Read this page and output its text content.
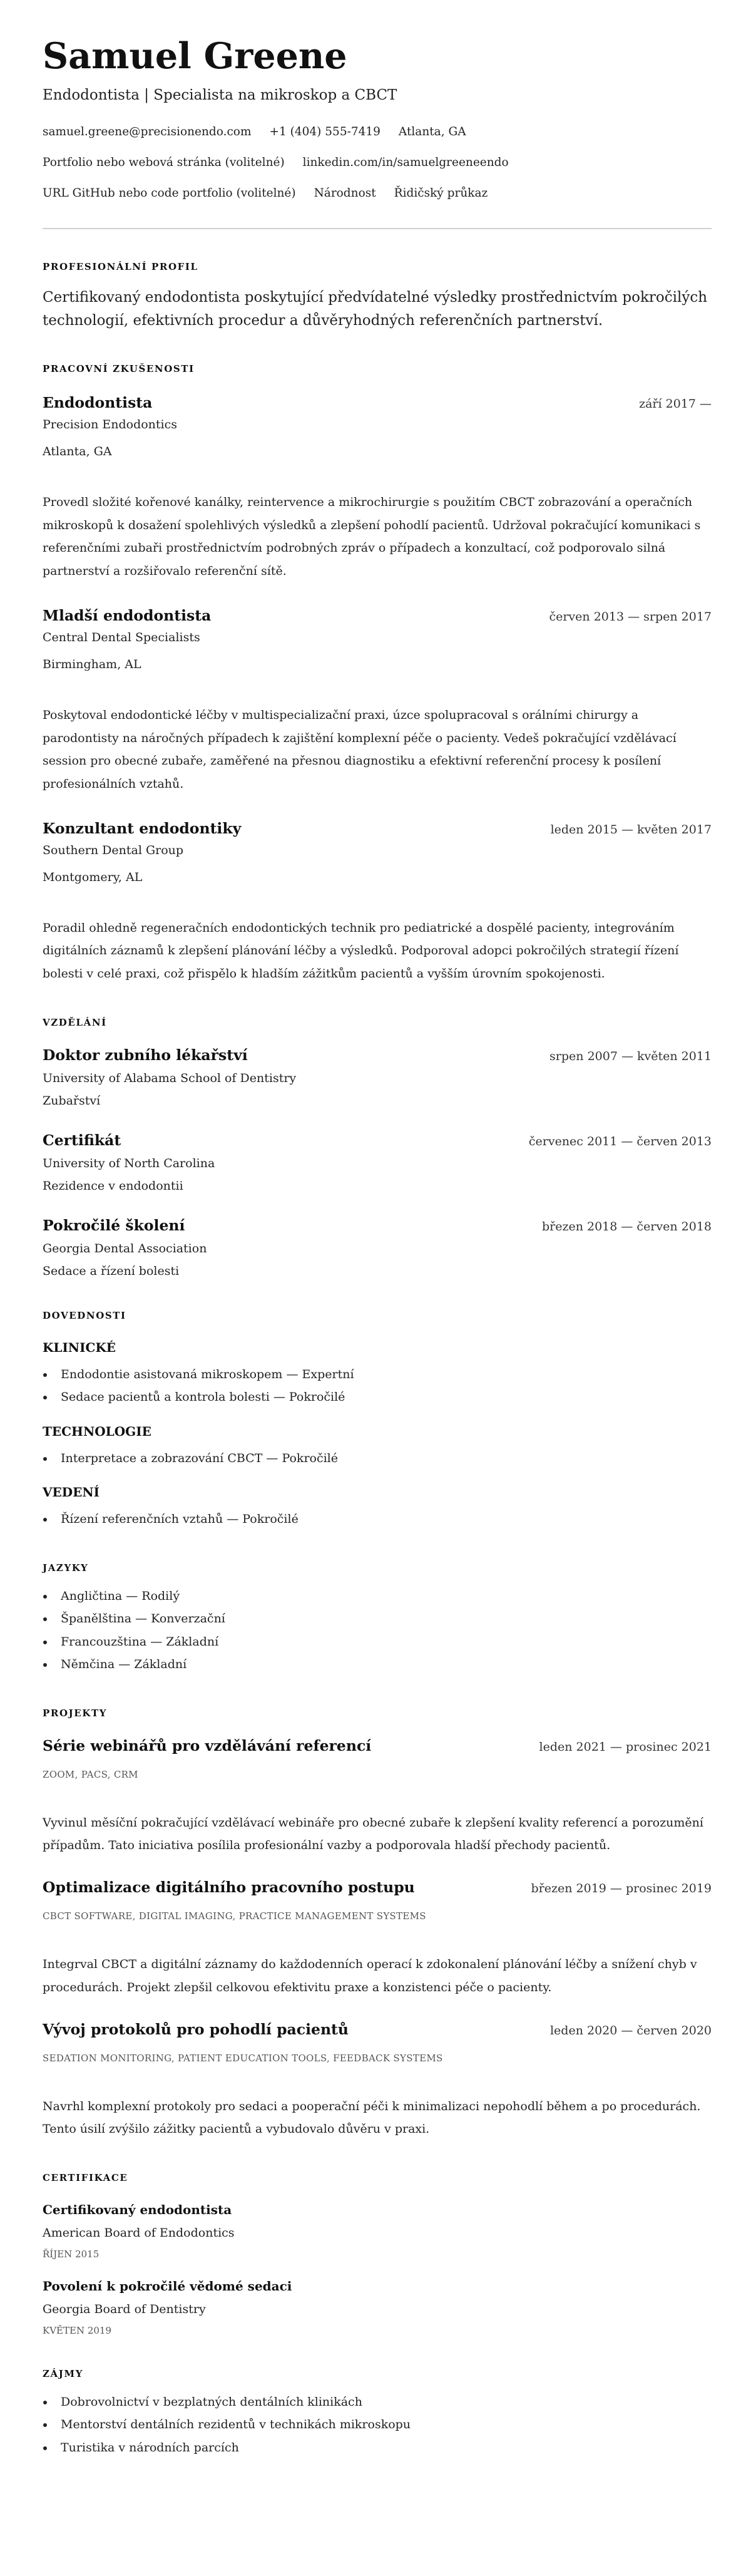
Samuel Greene
Endodontista | Specialista na mikroskop a CBCT
samuel.greene@precisionendo.com +1 (404) 555-7419 Atlanta, GA
Portfolio nebo webová stránka (volitelné) linkedin.com/in/samuelgreeneendo
URL GitHub nebo code portfolio (volitelné) Národnost Řidičský průkaz
PROFESIONÁLNÍ PROFIL
Certifikovaný endodontista poskytující předvídatelné výsledky prostřednictvím pokročilých technologií, efektivních procedur a důvěryhodných referenčních partnerství.
PRACOVNÍ ZKUŠENOSTI
Endodontista	září 2017 —
Precision Endodontics
Atlanta, GA
Provedl složité kořenové kanálky, reintervence a mikrochirurgie s použitím CBCT zobrazování a operačních mikroskopů k dosažení spolehlivých výsledků a zlepšení pohodlí pacientů. Udržoval pokračující komunikaci s referenčními zubaři prostřednictvím podrobných zpráv o případech a konzultací, což podporovalo silná partnerství a rozšiřovalo referenční sítě.
Mladší endodontista	červen 2013 — srpen 2017
Central Dental Specialists
Birmingham, AL
Poskytoval endodontické léčby v multispecializační praxi, úzce spolupracoval s orálními chirurgy a parodontisty na náročných případech k zajištění komplexní péče o pacienty. Vedeš pokračující vzdělávací session pro obecné zubaře, zaměřené na přesnou diagnostiku a efektivní referenční procesy k posílení profesionálních vztahů.
Konzultant endodontiky	leden 2015 — květen 2017
Southern Dental Group
Montgomery, AL
Poradil ohledně regeneračních endodontických technik pro pediatrické a dospělé pacienty, integrováním digitálních záznamů k zlepšení plánování léčby a výsledků. Podporoval adopci pokročilých strategií řízení bolesti v celé praxi, což přispělo k hladším zážitkům pacientů a vyšším úrovním spokojenosti.
VZDĚLÁNÍ
Doktor zubního lékařství	srpen 2007 — květen 2011
University of Alabama School of Dentistry
Zubařství
Certifikát	červenec 2011 — červen 2013
University of North Carolina
Rezidence v endodontii
Pokročilé školení	březen 2018 — červen 2018
Georgia Dental Association
Sedace a řízení bolesti
DOVEDNOSTI
KLINICKÉ
Endodontie asistovaná mikroskopem — Expertní
Sedace pacientů a kontrola bolesti — Pokročilé
TECHNOLOGIE
Interpretace a zobrazování CBCT — Pokročilé
VEDENÍ
Řízení referenčních vztahů — Pokročilé
JAZYKY
Angličtina — Rodilý
Španělština — Konverzační
Francouzština — Základní
Němčina — Základní
PROJEKTY
Série webinářů pro vzdělávání referencí	leden 2021 — prosinec 2021
ZOOM, PACS, CRM
Vyvinul měsíční pokračující vzdělávací webináře pro obecné zubaře k zlepšení kvality referencí a porozumění případům. Tato iniciativa posílila profesionální vazby a podporovala hladší přechody pacientů.
Optimalizace digitálního pracovního postupu	březen 2019 — prosinec 2019
CBCT SOFTWARE, DIGITAL IMAGING, PRACTICE MANAGEMENT SYSTEMS
Integrval CBCT a digitální záznamy do každodenních operací k zdokonalení plánování léčby a snížení chyb v procedurách. Projekt zlepšil celkovou efektivitu praxe a konzistenci péče o pacienty.
Vývoj protokolů pro pohodlí pacientů	leden 2020 — červen 2020
SEDATION MONITORING, PATIENT EDUCATION TOOLS, FEEDBACK SYSTEMS
Navrhl komplexní protokoly pro sedaci a pooperační péči k minimalizaci nepohodlí během a po procedurách. Tento úsilí zvýšilo zážitky pacientů a vybudovalo důvěru v praxi.
CERTIFIKACE
Certifikovaný endodontista
American Board of Endodontics
ŘÍJEN 2015
Povolení k pokročilé vědomé sedaci
Georgia Board of Dentistry
KVĚTEN 2019
ZÁJMY
Dobrovolnictví v bezplatných dentálních klinikách
Mentorství dentálních rezidentů v technikách mikroskopu
Turistika v národních parcích
